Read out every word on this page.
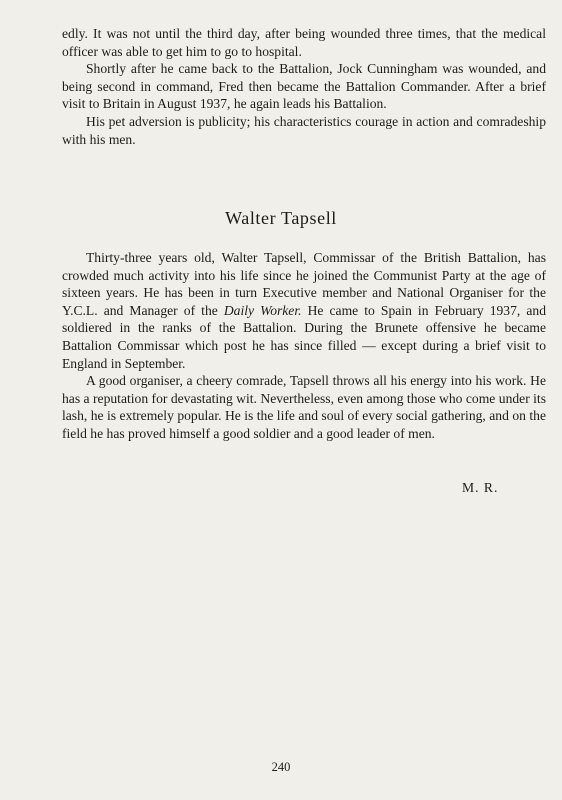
edly. It was not until the third day, after being wounded three times, that the medical officer was able to get him to go to hospital.

Shortly after he came back to the Battalion, Jock Cunningham was wounded, and being second in command, Fred then became the Battalion Commander. After a brief visit to Britain in August 1937, he again leads his Battalion.

His pet adversion is publicity; his characteristics courage in action and comradeship with his men.

Walter Tapsell

Thirty-three years old, Walter Tapsell, Commissar of the British Battalion, has crowded much activity into his life since he joined the Communist Party at the age of sixteen years. He has been in turn Executive member and National Organiser for the Y.C.L. and Manager of the Daily Worker. He came to Spain in February 1937, and soldiered in the ranks of the Battalion. During the Brunete offensive he became Battalion Commissar which post he has since filled — except during a brief visit to England in September.

A good organiser, a cheery comrade, Tapsell throws all his energy into his work. He has a reputation for devastating wit. Nevertheless, even among those who come under its lash, he is extremely popular. He is the life and soul of every social gathering, and on the field he has proved himself a good soldier and a good leader of men.

M. R.
240
